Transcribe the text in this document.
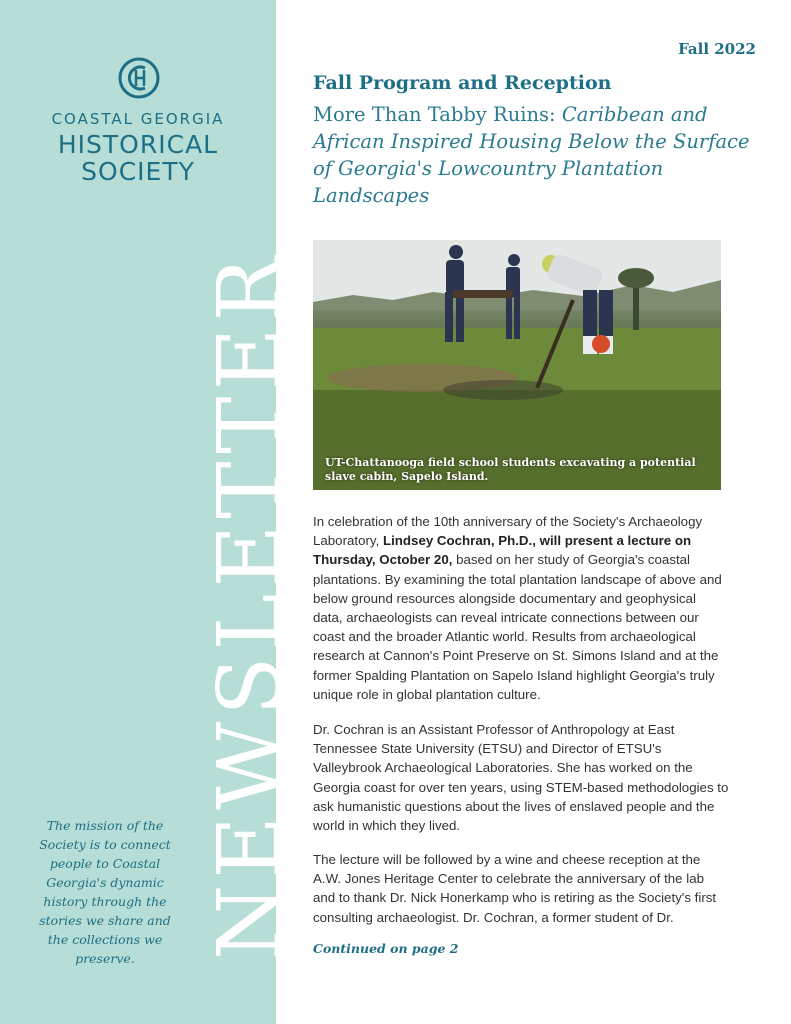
COASTAL GEORGIA
HISTORICAL
SOCIETY
NEWSLETTER
The mission of the Society is to connect people to Coastal Georgia's dynamic history through the stories we share and the collections we preserve.
Fall 2022
Fall Program and Reception
More Than Tabby Ruins: Caribbean and African Inspired Housing Below the Surface of Georgia's Lowcountry Plantation Landscapes
UT-Chattanooga field school students excavating a potential slave cabin, Sapelo Island.
In celebration of the 10th anniversary of the Society's Archaeology Laboratory, Lindsey Cochran, Ph.D., will present a lecture on Thursday, October 20, based on her study of Georgia's coastal plantations. By examining the total plantation landscape of above and below ground resources alongside documentary and geophysical data, archaeologists can reveal intricate connections between our coast and the broader Atlantic world. Results from archaeological research at Cannon's Point Preserve on St. Simons Island and at the former Spalding Plantation on Sapelo Island highlight Georgia's truly unique role in global plantation culture.
Dr. Cochran is an Assistant Professor of Anthropology at East Tennessee State University (ETSU) and Director of ETSU's Valleybrook Archaeological Laboratories. She has worked on the Georgia coast for over ten years, using STEM-based methodologies to ask humanistic questions about the lives of enslaved people and the world in which they lived.
The lecture will be followed by a wine and cheese reception at the A.W. Jones Heritage Center to celebrate the anniversary of the lab and to thank Dr. Nick Honerkamp who is retiring as the Society's first consulting archaeologist. Dr. Cochran, a former student of Dr.
Continued on page 2
